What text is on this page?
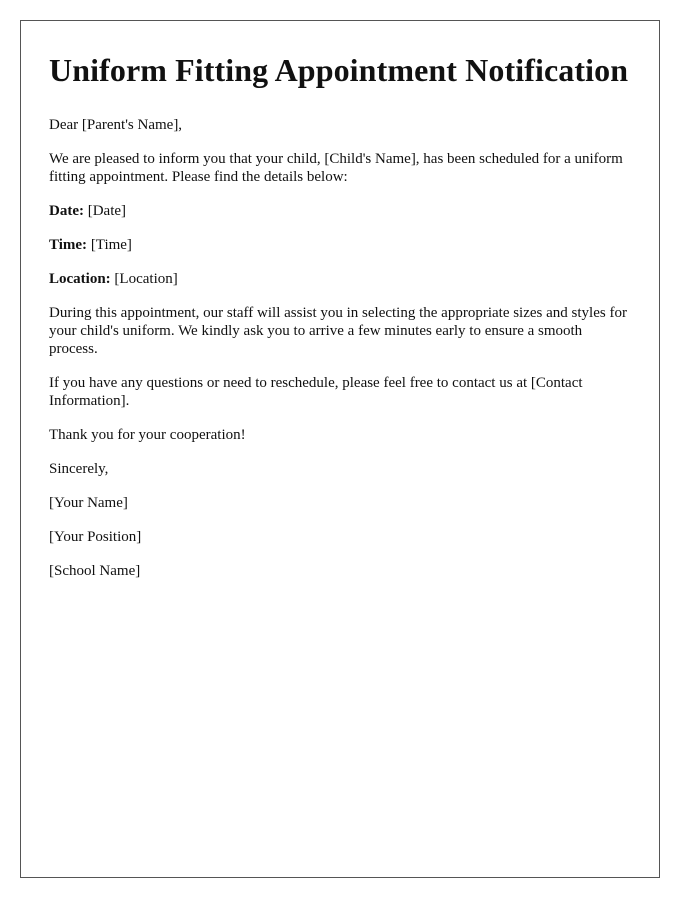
Uniform Fitting Appointment Notification

Dear [Parent's Name],

We are pleased to inform you that your child, [Child's Name], has been scheduled for a uniform fitting appointment. Please find the details below:

Date: [Date]

Time: [Time]

Location: [Location]

During this appointment, our staff will assist you in selecting the appropriate sizes and styles for your child's uniform. We kindly ask you to arrive a few minutes early to ensure a smooth process.

If you have any questions or need to reschedule, please feel free to contact us at [Contact Information].

Thank you for your cooperation!

Sincerely,

[Your Name]

[Your Position]

[School Name]
